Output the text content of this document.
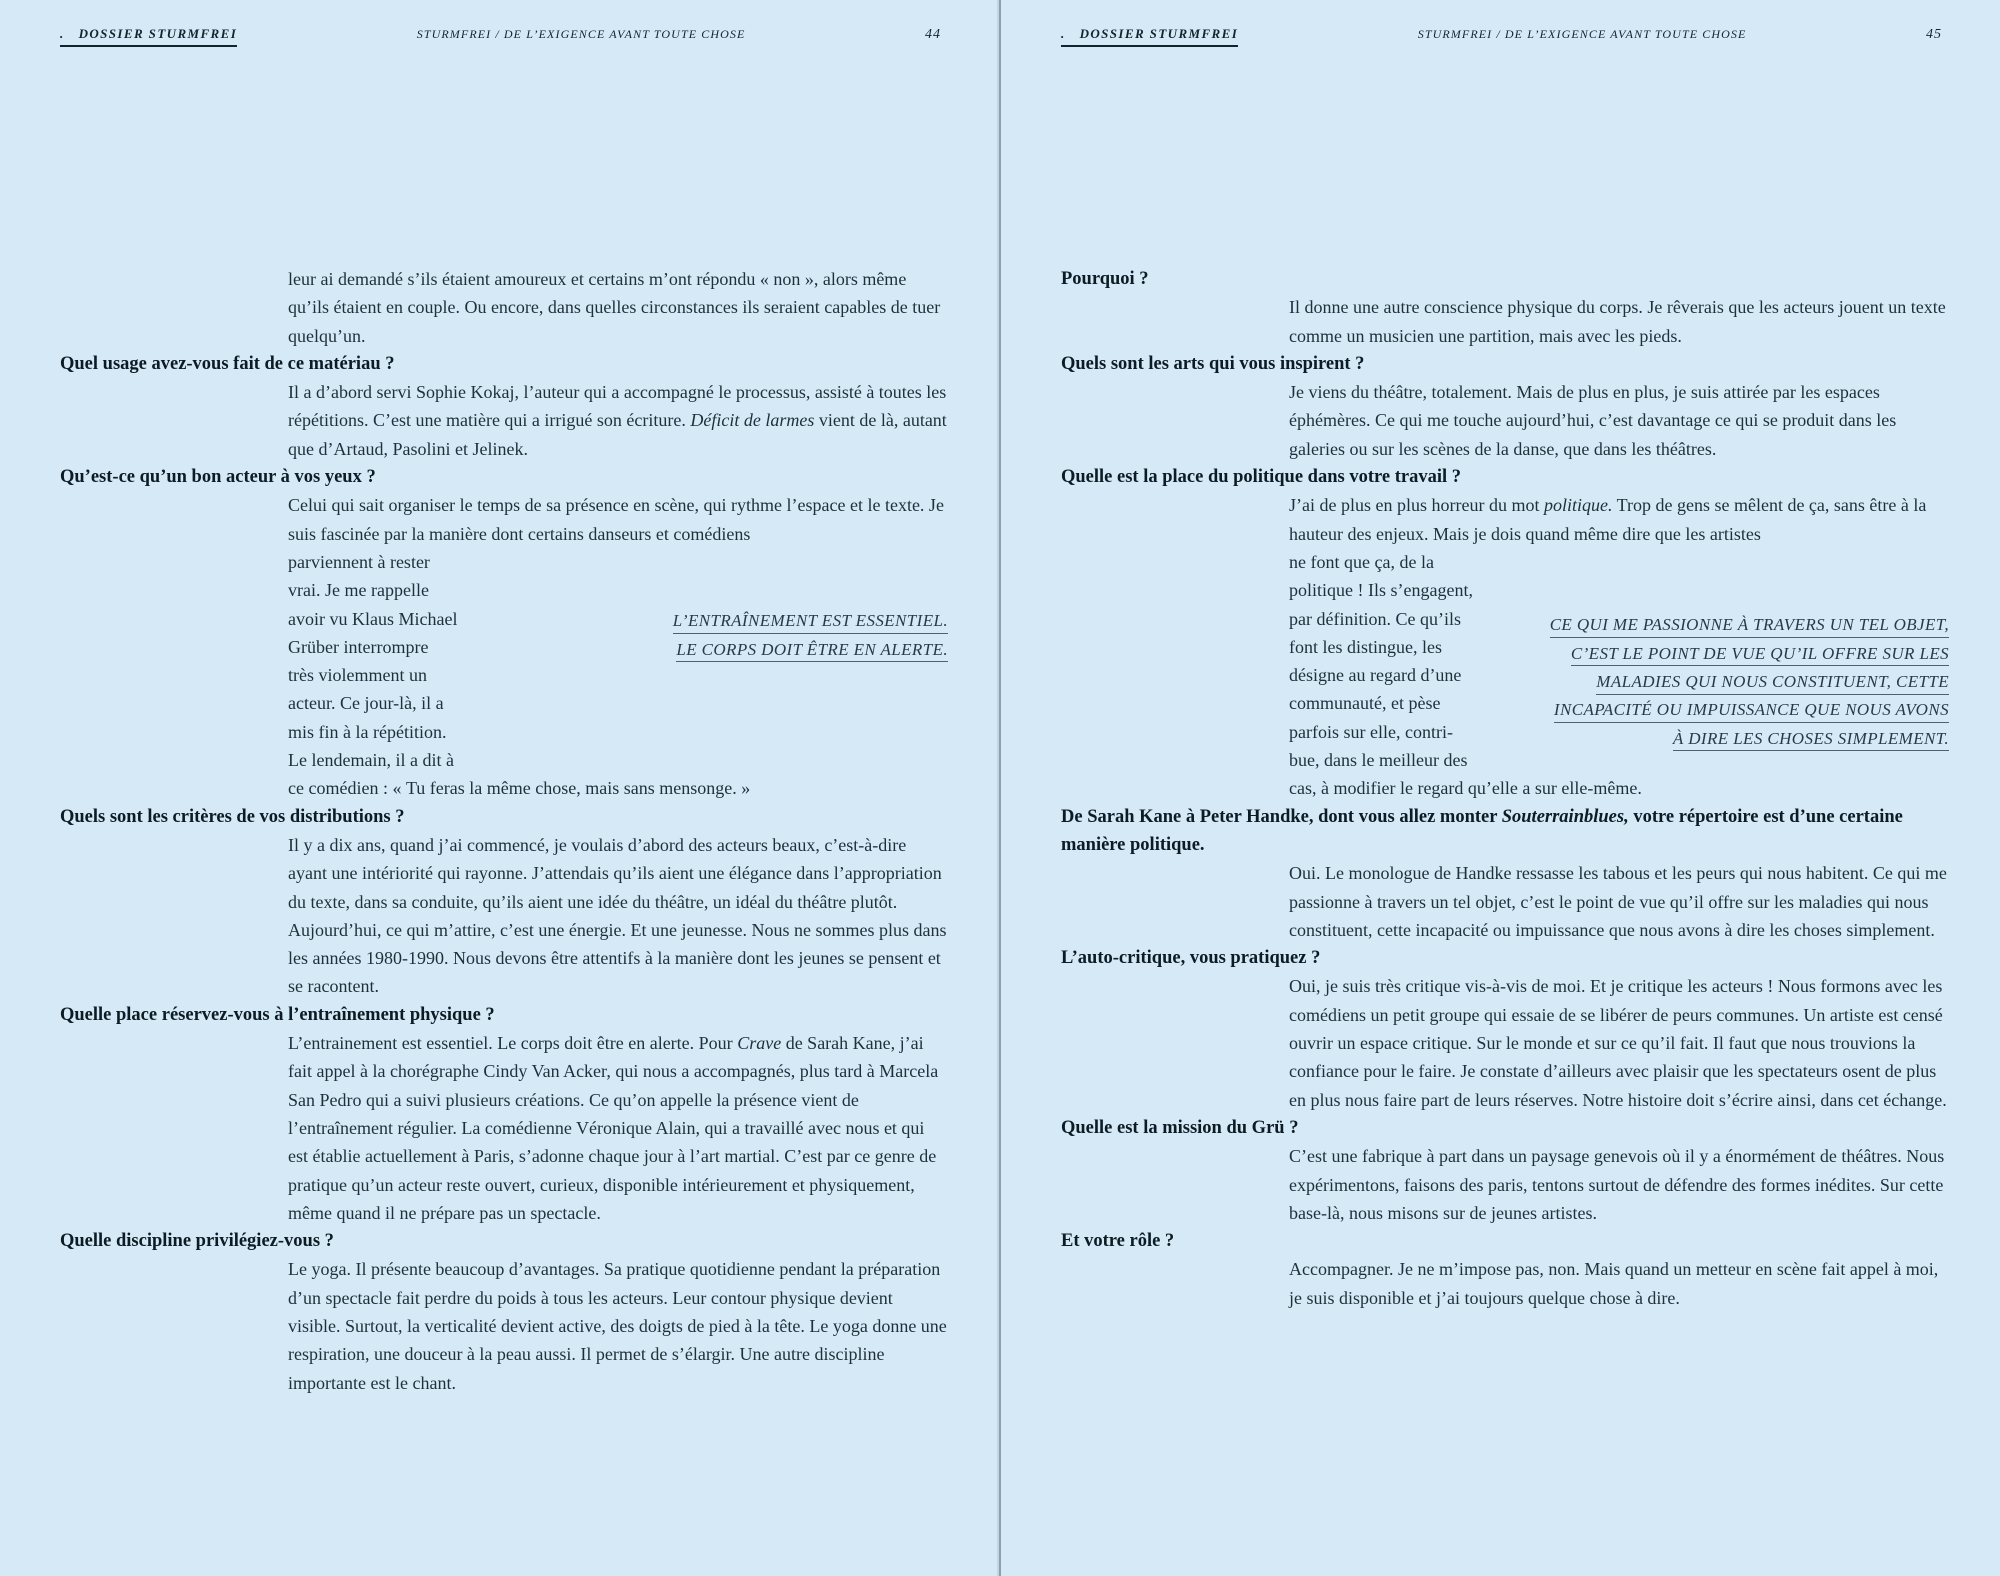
.   DOSSIER STURMFREI	STURMFREI / DE L’EXIGENCE AVANT TOUTE CHOSE	44
leur ai demandé s’ils étaient amoureux et certains m’ont répondu « non », alors même qu’ils étaient en couple. Ou encore, dans quelles circonstances ils seraient capables de tuer quelqu’un.
Quel usage avez-vous fait de ce matériau ?
Il a d’abord servi Sophie Kokaj, l’auteur qui a accompagné le processus, assisté à toutes les répétitions. C’est une matière qui a irrigué son écriture. Déficit de larmes vient de là, autant que d’Artaud, Pasolini et Jelinek.
Qu’est-ce qu’un bon acteur à vos yeux ?
Celui qui sait organiser le temps de sa présence en scène, qui rythme l’espace et le texte. Je suis fascinée par la manière dont certains danseurs et comédiens
parviennent à rester
vrai. Je me rappelle
avoir vu Klaus Michael
Grüber interrompre
très violemment un
acteur. Ce jour-là, il a
mis fin à la répétition.
Le lendemain, il a dit à
ce comédien : « Tu feras la même chose, mais sans mensonge. »
L’ENTRAÎNEMENT EST ESSENTIEL.
LE CORPS DOIT ÊTRE EN ALERTE.
Quels sont les critères de vos distributions ?
Il y a dix ans, quand j’ai commencé, je voulais d’abord des acteurs beaux, c’est-à-dire ayant une intériorité qui rayonne. J’attendais qu’ils aient une élégance dans l’appropriation du texte, dans sa conduite, qu’ils aient une idée du théâtre, un idéal du théâtre plutôt. Aujourd’hui, ce qui m’attire, c’est une énergie. Et une jeunesse. Nous ne sommes plus dans les années 1980-1990. Nous devons être attentifs à la manière dont les jeunes se pensent et se racontent.
Quelle place réservez-vous à l’entraînement physique ?
L’entrainement est essentiel. Le corps doit être en alerte. Pour Crave de Sarah Kane, j’ai fait appel à la chorégraphe Cindy Van Acker, qui nous a accompagnés, plus tard à Marcela San Pedro qui a suivi plusieurs créations. Ce qu’on appelle la présence vient de l’entraînement régulier. La comédienne Véronique Alain, qui a travaillé avec nous et qui est établie actuellement à Paris, s’adonne chaque jour à l’art martial. C’est par ce genre de pratique qu’un acteur reste ouvert, curieux, disponible intérieurement et physiquement, même quand il ne prépare pas un spectacle.
Quelle discipline privilégiez-vous ?
Le yoga. Il présente beaucoup d’avantages. Sa pratique quotidienne pendant la préparation d’un spectacle fait perdre du poids à tous les acteurs. Leur contour physique devient visible. Surtout, la verticalité devient active, des doigts de pied à la tête. Le yoga donne une respiration, une douceur à la peau aussi. Il permet de s’élargir. Une autre discipline importante est le chant.
.   DOSSIER STURMFREI	STURMFREI / DE L’EXIGENCE AVANT TOUTE CHOSE	45
Pourquoi ?
Il donne une autre conscience physique du corps. Je rêverais que les acteurs jouent un texte comme un musicien une partition, mais avec les pieds.
Quels sont les arts qui vous inspirent ?
Je viens du théâtre, totalement. Mais de plus en plus, je suis attirée par les espaces éphémères. Ce qui me touche aujourd’hui, c’est davantage ce qui se produit dans les galeries ou sur les scènes de la danse, que dans les théâtres.
Quelle est la place du politique dans votre travail ?
J’ai de plus en plus horreur du mot politique. Trop de gens se mêlent de ça, sans être à la hauteur des enjeux. Mais je dois quand même dire que les artistes
ne font que ça, de la
politique ! Ils s’engagent,
par définition. Ce qu’ils
font les distingue, les
désigne au regard d’une
communauté, et pèse
parfois sur elle, contri-
bue, dans le meilleur des
cas, à modifier le regard qu’elle a sur elle-même.
CE QUI ME PASSIONNE À TRAVERS UN TEL OBJET,
C’EST LE POINT DE VUE QU’IL OFFRE SUR LES
MALADIES QUI NOUS CONSTITUENT, CETTE
INCAPACITÉ OU IMPUISSANCE QUE NOUS AVONS
À DIRE LES CHOSES SIMPLEMENT.
De Sarah Kane à Peter Handke, dont vous allez monter Souterrainblues, votre répertoire est d’une certaine manière politique.
Oui. Le monologue de Handke ressasse les tabous et les peurs qui nous habitent. Ce qui me passionne à travers un tel objet, c’est le point de vue qu’il offre sur les maladies qui nous constituent, cette incapacité ou impuissance que nous avons à dire les choses simplement.
L’auto-critique, vous pratiquez ?
Oui, je suis très critique vis-à-vis de moi. Et je critique les acteurs ! Nous formons avec les comédiens un petit groupe qui essaie de se libérer de peurs communes. Un artiste est censé ouvrir un espace critique. Sur le monde et sur ce qu’il fait. Il faut que nous trouvions la confiance pour le faire. Je constate d’ailleurs avec plaisir que les spectateurs osent de plus en plus nous faire part de leurs réserves. Notre histoire doit s’écrire ainsi, dans cet échange.
Quelle est la mission du Grü ?
C’est une fabrique à part dans un paysage genevois où il y a énormément de théâtres. Nous expérimentons, faisons des paris, tentons surtout de défendre des formes inédites. Sur cette base-là, nous misons sur de jeunes artistes.
Et votre rôle ?
Accompagner. Je ne m’impose pas, non. Mais quand un metteur en scène fait appel à moi, je suis disponible et j’ai toujours quelque chose à dire.
